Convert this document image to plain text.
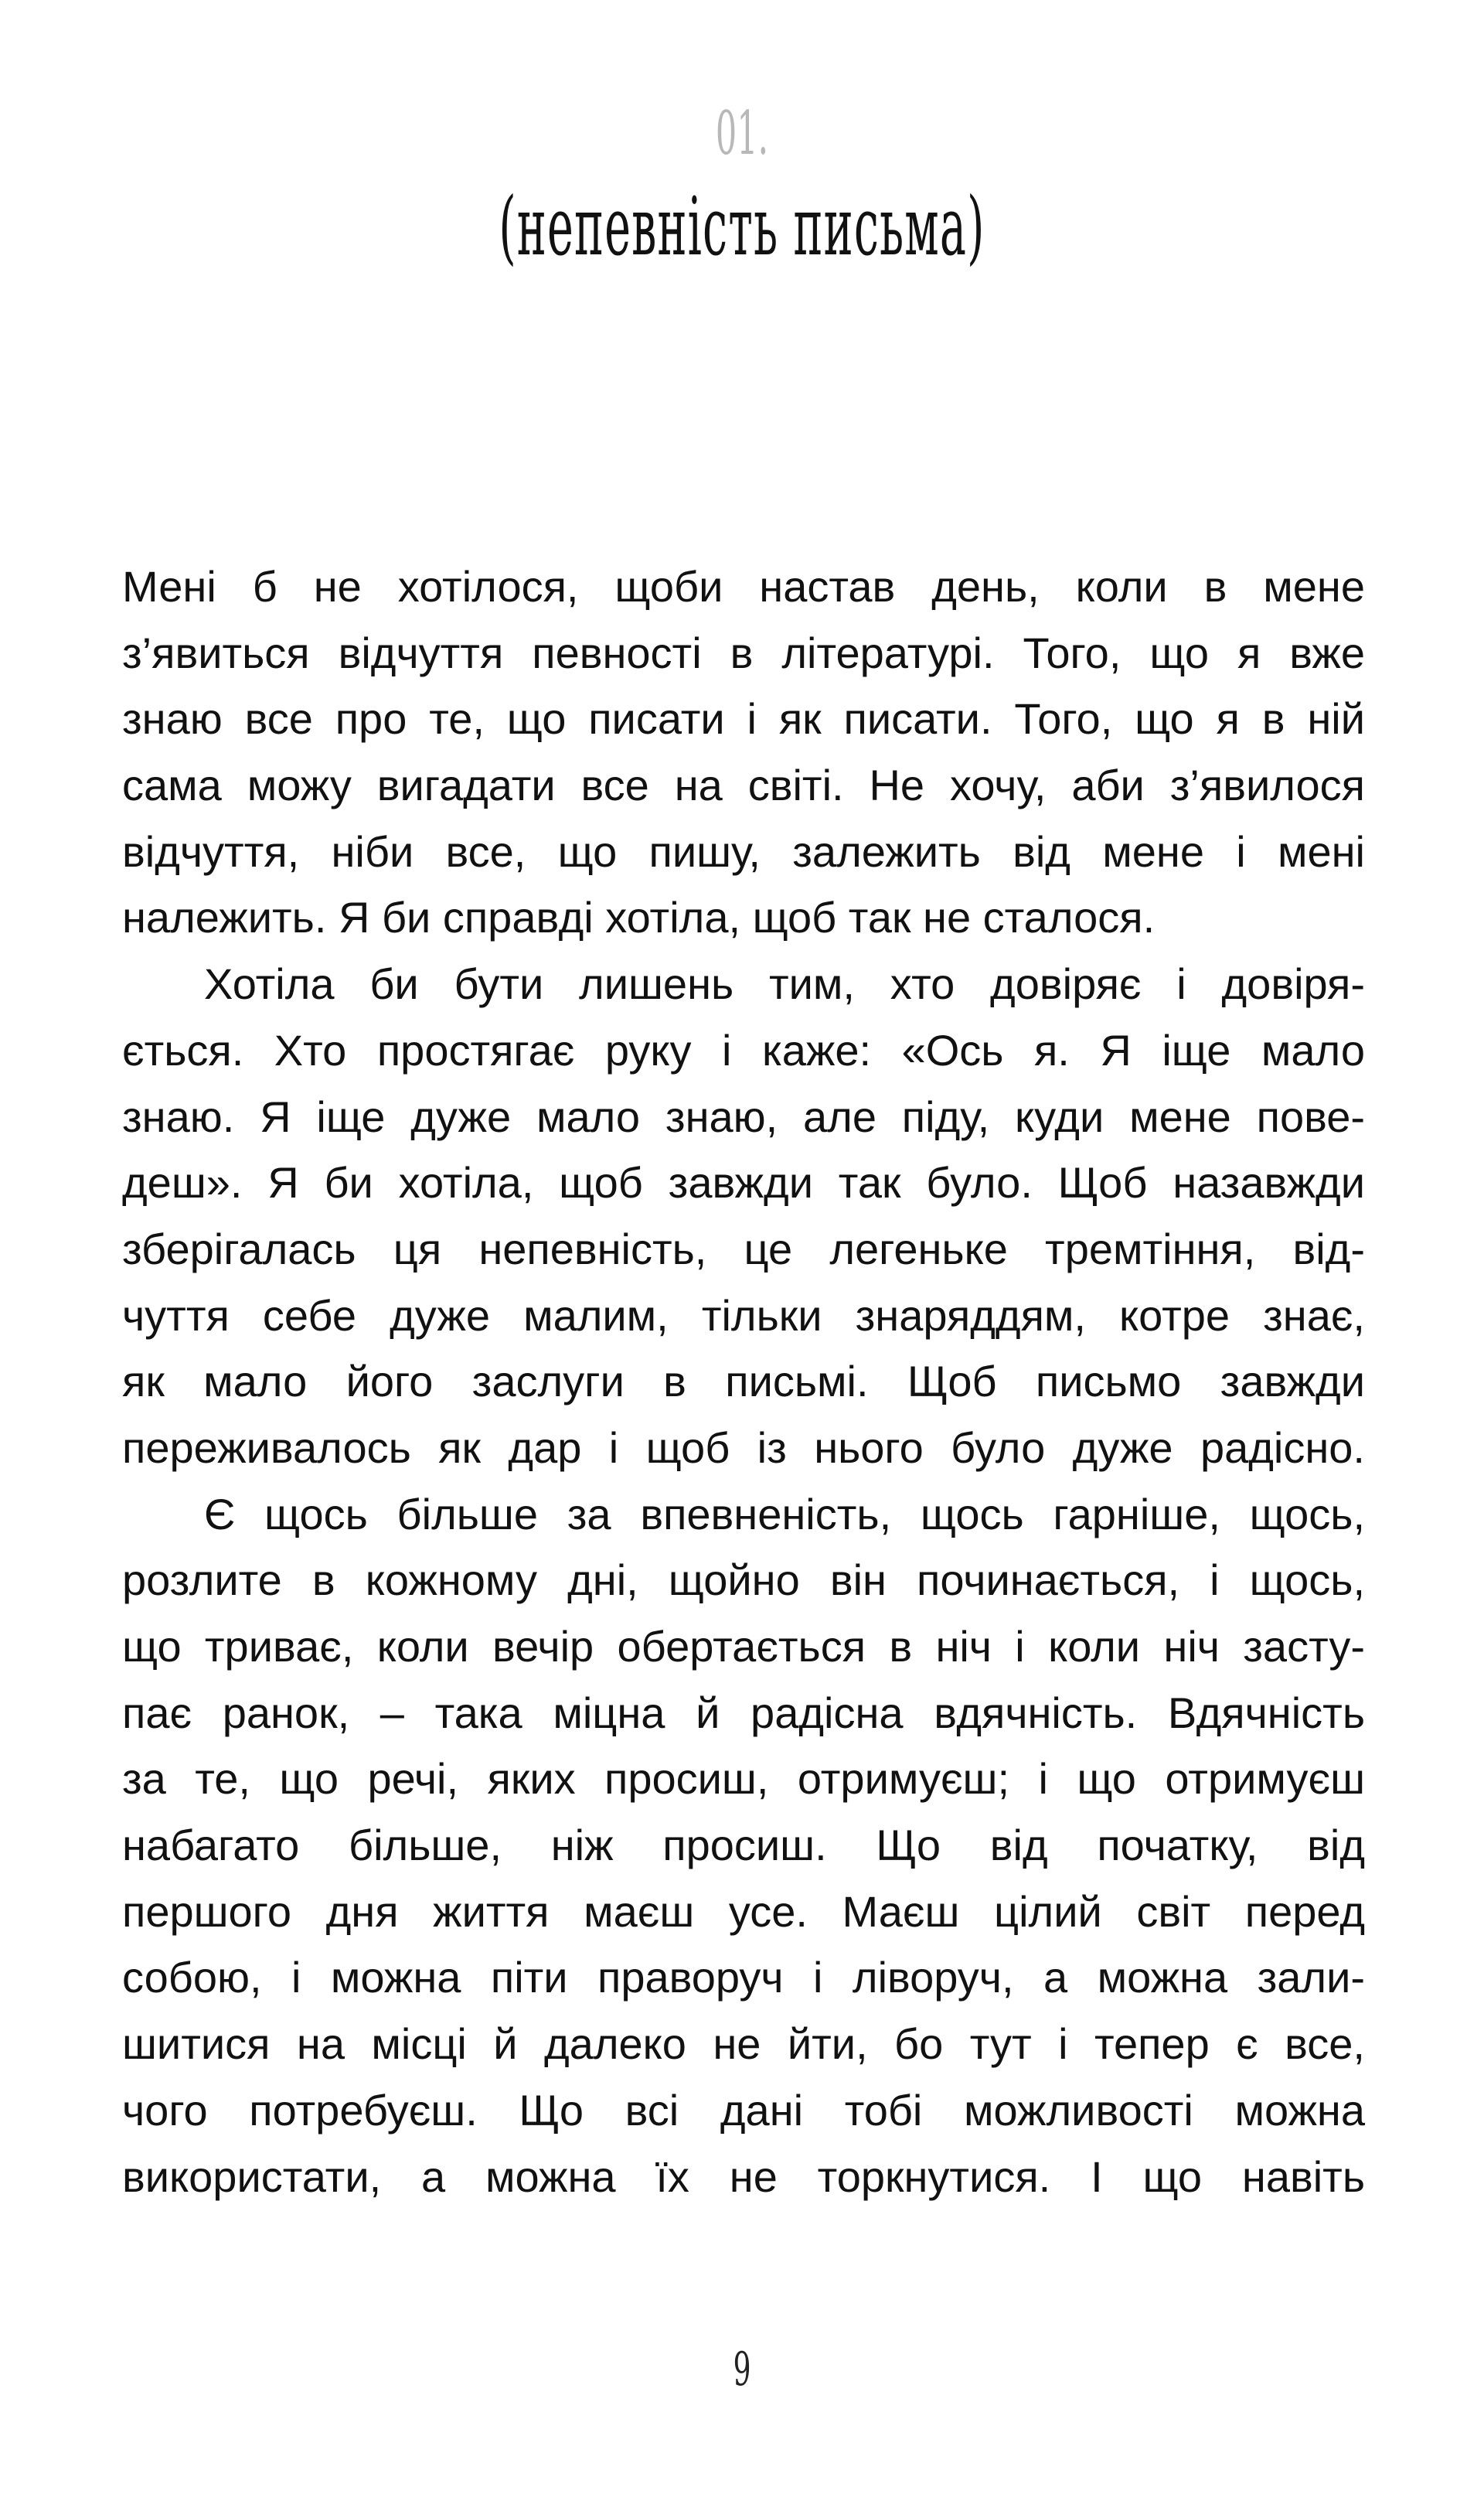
01.
(непевність письма)
Мені б не хотілося, щоби настав день, коли в мене
з’явиться відчуття певності в літературі. Того, що я вже
знаю все про те, що писати і як писати. Того, що я в ній
сама можу вигадати все на світі. Не хочу, аби з’явилося
відчуття, ніби все, що пишу, залежить від мене і мені
належить. Я би справді хотіла, щоб так не сталося.
Хотіла би бути лишень тим, хто довіряє і довіря-
ється. Хто простягає руку і каже: «Ось я. Я іще мало
знаю. Я іще дуже мало знаю, але піду, куди мене пове-
деш». Я би хотіла, щоб завжди так було. Щоб назавжди
зберігалась ця непевність, це легеньке тремтіння, від-
чуття себе дуже малим, тільки знаряддям, котре знає,
як мало його заслуги в письмі. Щоб письмо завжди
переживалось як дар і щоб із нього було дуже радісно.
Є щось більше за впевненість, щось гарніше, щось,
розлите в кожному дні, щойно він починається, і щось,
що триває, коли вечір обертається в ніч і коли ніч засту-
пає ранок, – така міцна й радісна вдячність. Вдячність
за те, що речі, яких просиш, отримуєш; і що отримуєш
набагато більше, ніж просиш. Що від початку, від
першого дня життя маєш усе. Маєш цілий світ перед
собою, і можна піти праворуч і ліворуч, а можна зали-
шитися на місці й далеко не йти, бо тут і тепер є все,
чого потребуєш. Що всі дані тобі можливості можна
використати, а можна їх не торкнутися. І що навіть
9
